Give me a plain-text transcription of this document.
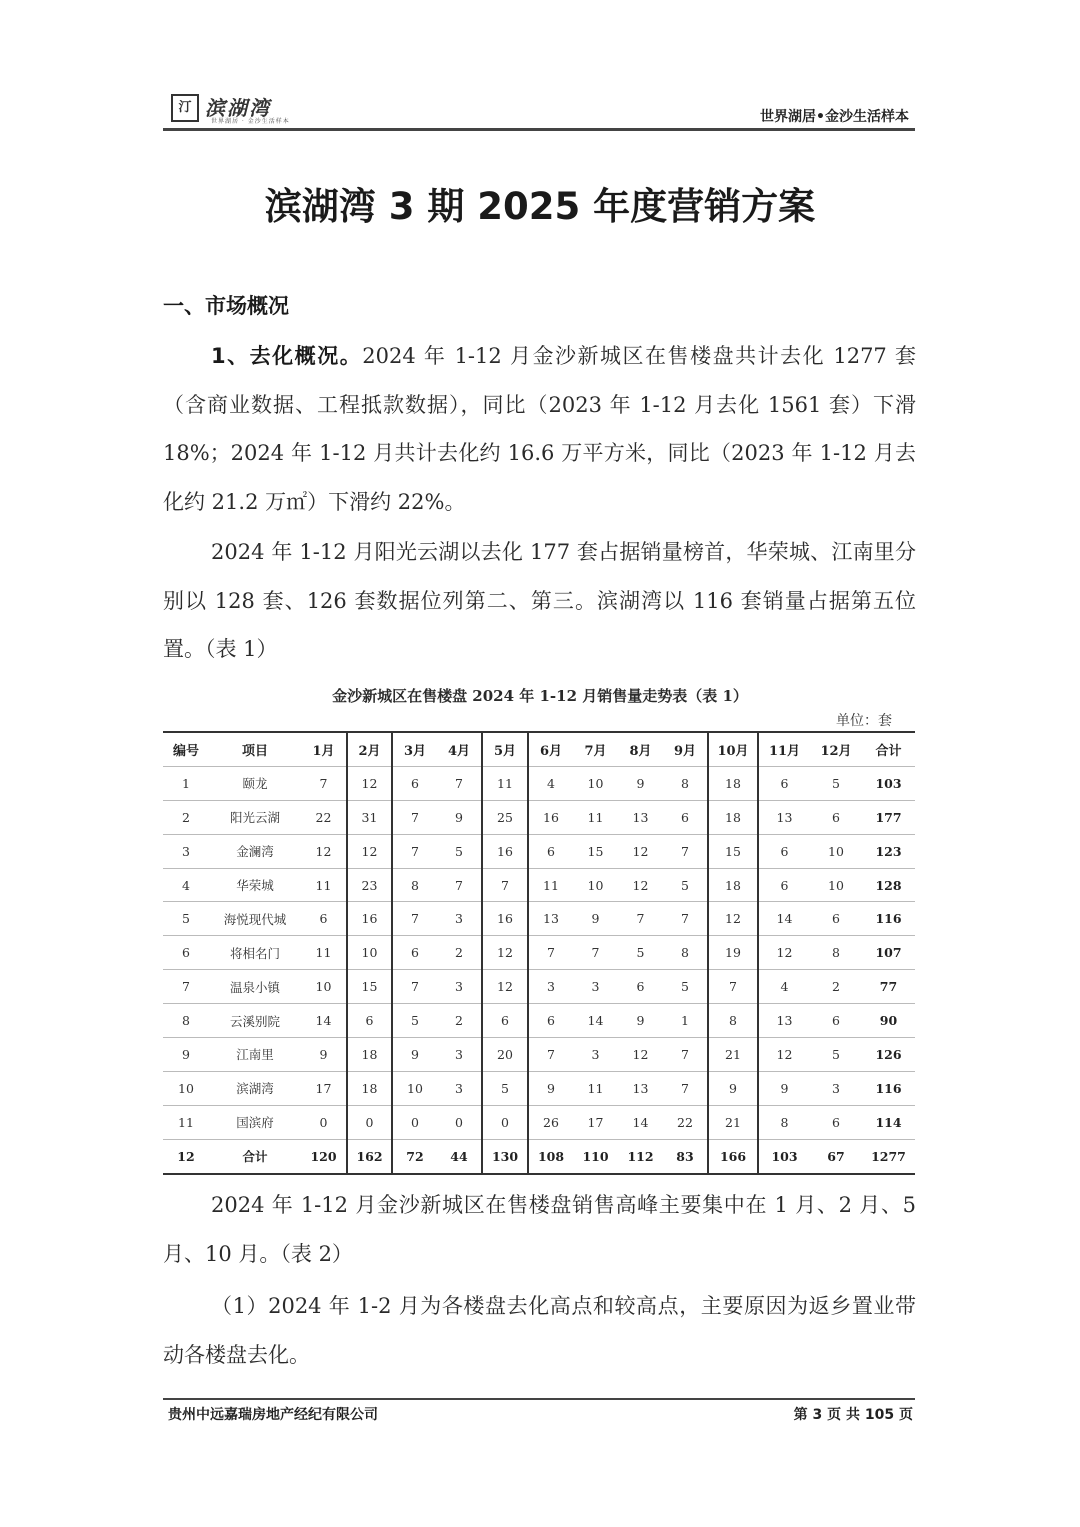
汀 滨湖湾
世界湖居 · 金沙生活样本	世界湖居•金沙生活样本
滨湖湾 3 期 2025 年度营销方案
一、市场概况
1、去化概况。2024 年 1-12 月金沙新城区在售楼盘共计去化 1277 套（含商业数据、工程抵款数据），同比（2023 年 1-12 月去化 1561 套）下滑 18%；2024 年 1-12 月共计去化约 16.6 万平方米，同比（2023 年 1-12 月去化约 21.2 万㎡）下滑约 22%。
2024 年 1-12 月阳光云湖以去化 177 套占据销量榜首，华荣城、江南里分别以 128 套、126 套数据位列第二、第三。滨湖湾以 116 套销量占据第五位置。（表 1）
金沙新城区在售楼盘 2024 年 1-12 月销售量走势表（表 1）
单位：套
编号	项目	1月	2月	3月	4月	5月	6月	7月	8月	9月	10月	11月	12月	合计
1	颐龙	7	12	6	7	11	4	10	9	8	18	6	5	103
2	阳光云湖	22	31	7	9	25	16	11	13	6	18	13	6	177
3	金澜湾	12	12	7	5	16	6	15	12	7	15	6	10	123
4	华荣城	11	23	8	7	7	11	10	12	5	18	6	10	128
5	海悦现代城	6	16	7	3	16	13	9	7	7	12	14	6	116
6	将相名门	11	10	6	2	12	7	7	5	8	19	12	8	107
7	温泉小镇	10	15	7	3	12	3	3	6	5	7	4	2	77
8	云溪别院	14	6	5	2	6	6	14	9	1	8	13	6	90
9	江南里	9	18	9	3	20	7	3	12	7	21	12	5	126
10	滨湖湾	17	18	10	3	5	9	11	13	7	9	9	3	116
11	国滨府	0	0	0	0	0	26	17	14	22	21	8	6	114
12	合计	120	162	72	44	130	108	110	112	83	166	103	67	1277
2024 年 1-12 月金沙新城区在售楼盘销售高峰主要集中在 1 月、2 月、5 月、10 月。（表 2）
（1）2024 年 1-2 月为各楼盘去化高点和较高点，主要原因为返乡置业带动各楼盘去化。
贵州中远嘉瑞房地产经纪有限公司	第 3 页 共 105 页
